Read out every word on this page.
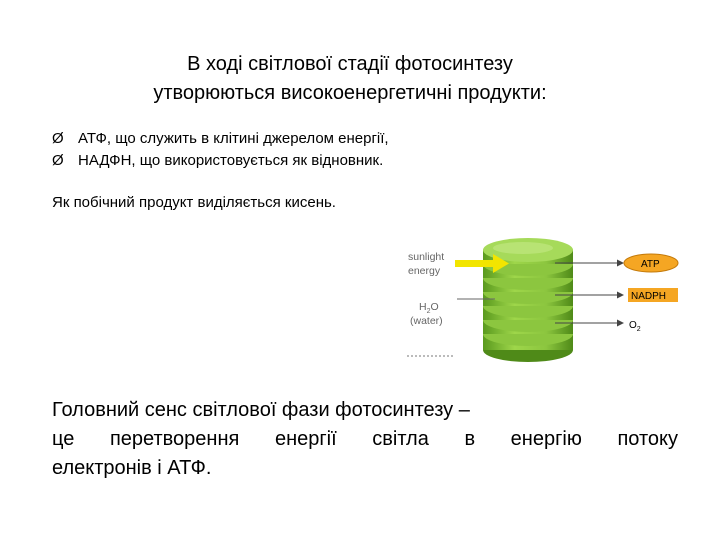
В ході світлової стадії фотосинтезу
утворюються високоенергетичні продукти:
Ø АТФ, що служить в клітині джерелом енергії,
Ø НАДФН, що використовується як відновник.
Як побічний продукт виділяється кисень.
sunlight
energy
$H_2O$
(water)
ATP
NADPH
$O_2$
Головний сенс світлової фази фотосинтезу –
це перетворення енергії світла в енергію потоку
електронів і АТФ.
